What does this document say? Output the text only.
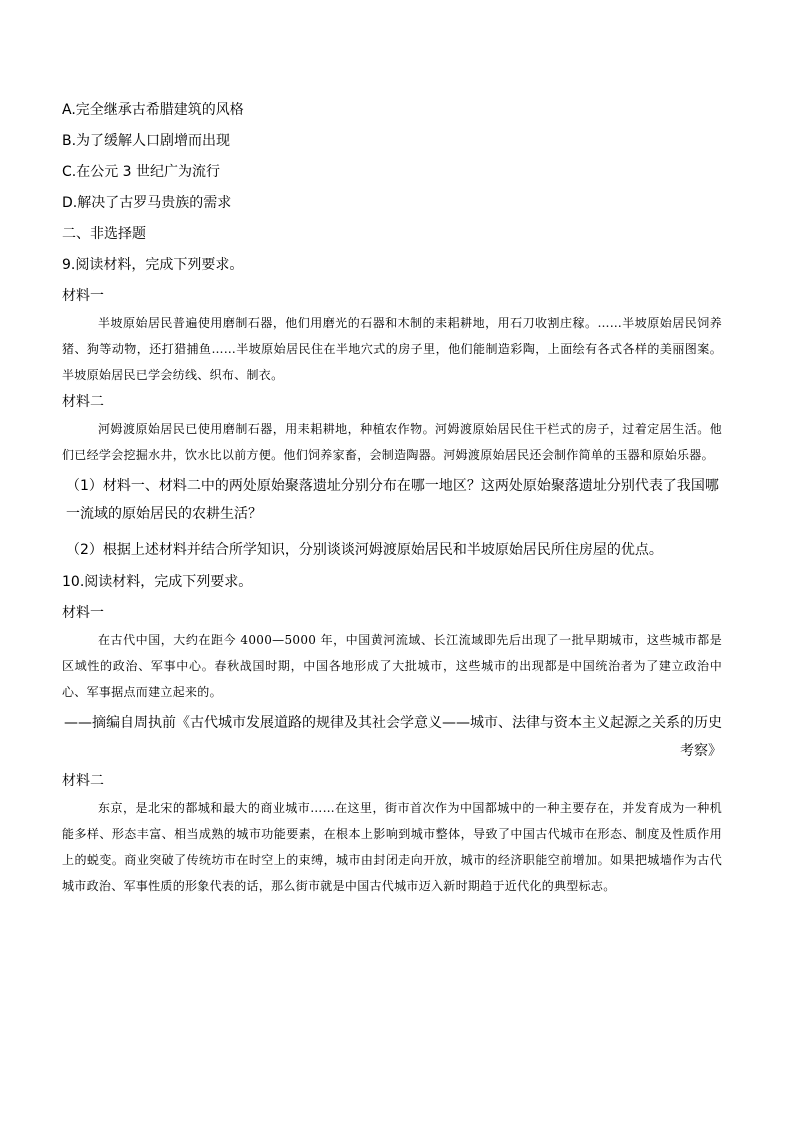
A.完全继承古希腊建筑的风格
B.为了缓解人口剧增而出现
C.在公元 3 世纪广为流行
D.解决了古罗马贵族的需求
二、非选择题
9.阅读材料，完成下列要求。
材料一
半坡原始居民普遍使用磨制石器，他们用磨光的石器和木制的耒耜耕地，用石刀收割庄稼。……半坡原始居民饲养猪、狗等动物，还打猎捕鱼……半坡原始居民住在半地穴式的房子里，他们能制造彩陶，上面绘有各式各样的美丽图案。半坡原始居民已学会纺线、织布、制衣。
材料二
河姆渡原始居民已使用磨制石器，用耒耜耕地，种植农作物。河姆渡原始居民住干栏式的房子，过着定居生活。他们已经学会挖掘水井，饮水比以前方便。他们饲养家畜，会制造陶器。河姆渡原始居民还会制作简单的玉器和原始乐器。
（1）材料一、材料二中的两处原始聚落遗址分别分布在哪一地区？这两处原始聚落遗址分别代表了我国哪一流域的原始居民的农耕生活？
（2）根据上述材料并结合所学知识，分别谈谈河姆渡原始居民和半坡原始居民所住房屋的优点。
10.阅读材料，完成下列要求。
材料一
在古代中国，大约在距今 4000—5000 年，中国黄河流域、长江流域即先后出现了一批早期城市，这些城市都是区域性的政治、军事中心。春秋战国时期，中国各地形成了大批城市，这些城市的出现都是中国统治者为了建立政治中心、军事据点而建立起来的。
——摘编自周执前《古代城市发展道路的规律及其社会学意义——城市、法律与资本主义起源之关系的历史考察》
材料二
东京，是北宋的都城和最大的商业城市……在这里，街市首次作为中国都城中的一种主要存在，并发育成为一种机能多样、形态丰富、相当成熟的城市功能要素，在根本上影响到城市整体，导致了中国古代城市在形态、制度及性质作用上的蜕变。商业突破了传统坊市在时空上的束缚，城市由封闭走向开放，城市的经济职能空前增加。如果把城墙作为古代城市政治、军事性质的形象代表的话，那么街市就是中国古代城市迈入新时期趋于近代化的典型标志。
